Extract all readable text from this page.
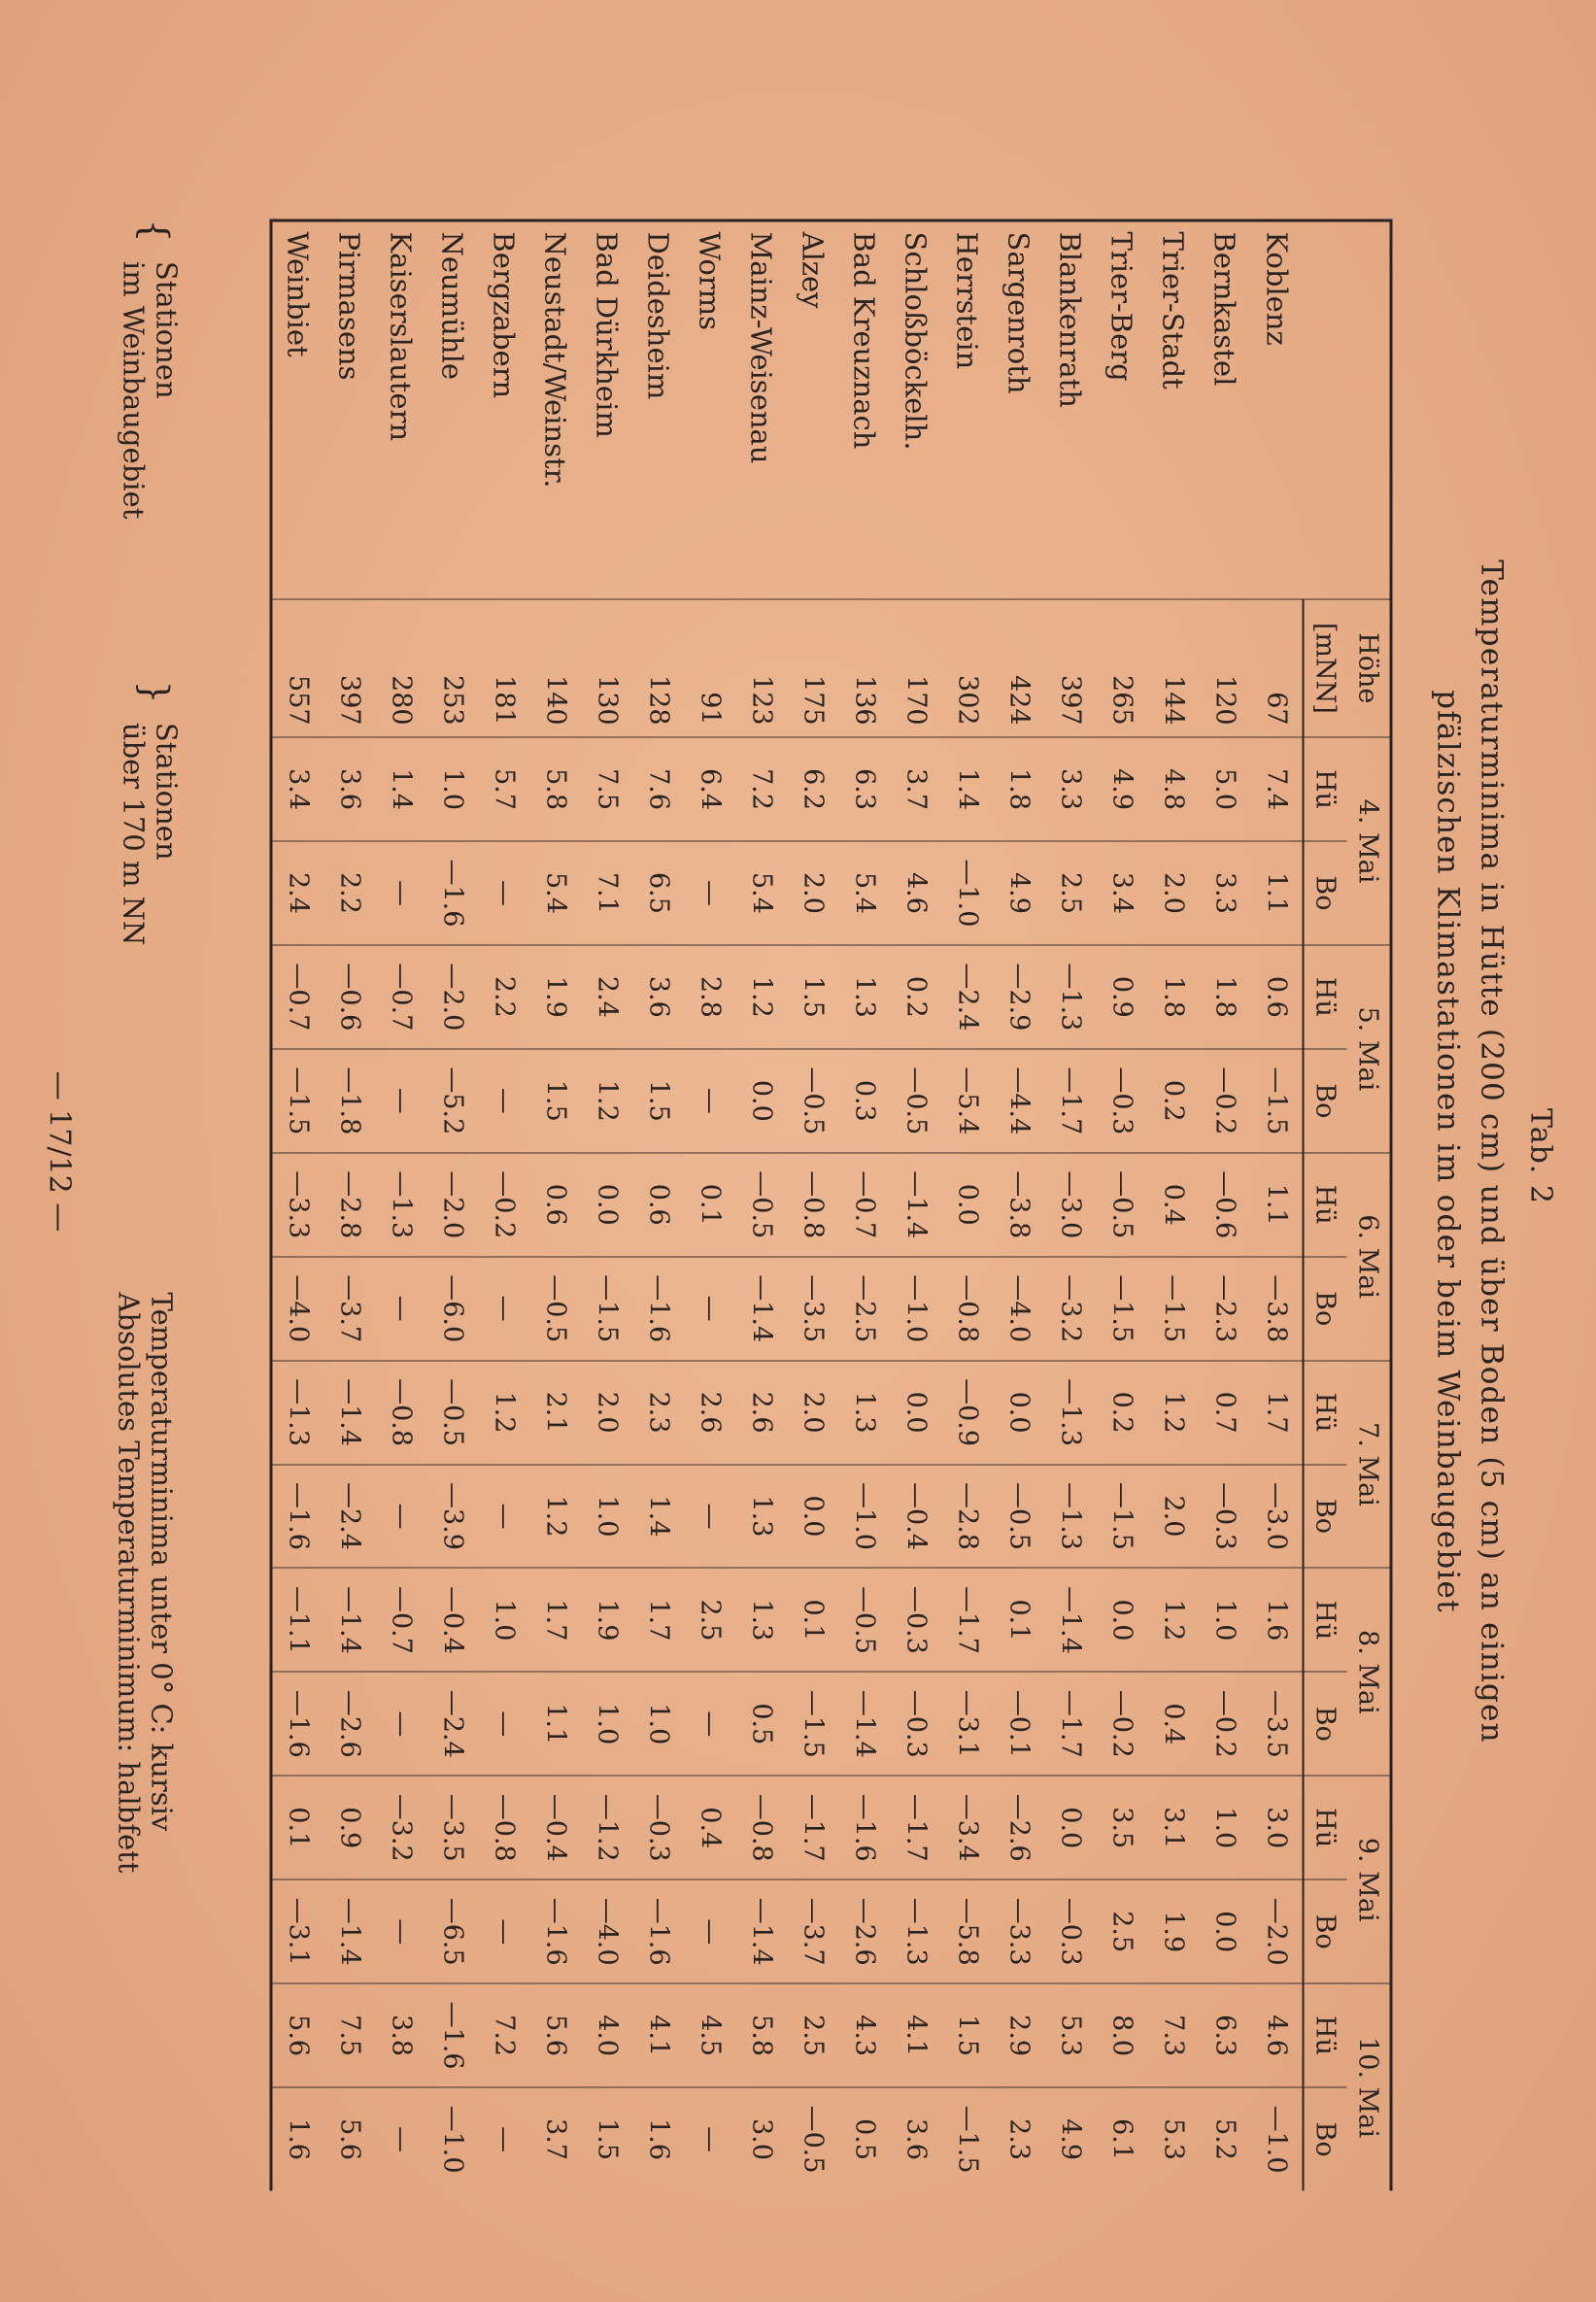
Tab. 2
Temperaturminima in Hütte (200 cm) und über Boden (5 cm) an einigen
pfälzischen Klimastationen im oder beim Weinbaugebiet
	Höhe	4. Mai		5. Mai		6. Mai		7. Mai		8. Mai		9. Mai		10. Mai	
	[mNN]	Hü	Bo	Hü	Bo	Hü	Bo	Hü	Bo	Hü	Bo	Hü	Bo	Hü	Bo
Koblenz	67	7.4	1.1	0.6	—1.5	1.1	—3.8	1.7	—3.0	1.6	—3.5	3.0	—2.0	4.6	—1.0
Bernkastel	120	5.0	3.3	1.8	—0.2	—0.6	—2.3	0.7	—0.3	1.0	—0.2	1.0	0.0	6.3	5.2
Trier-Stadt	144	4.8	2.0	1.8	0.2	0.4	—1.5	1.2	2.0	1.2	0.4	3.1	1.9	7.3	5.3
Trier-Berg	265	4.9	3.4	0.9	—0.3	—0.5	—1.5	0.2	—1.5	0.0	—0.2	3.5	2.5	8.0	6.1
Blankenrath	397	3.3	2.5	—1.3	—1.7	—3.0	—3.2	—1.3	—1.3	—1.4	—1.7	0.0	—0.3	5.3	4.9
Sargenroth	424	1.8	4.9	—2.9	—4.4	—3.8	—4.0	0.0	—0.5	0.1	—0.1	—2.6	—3.3	2.9	2.3
Herrstein	302	1.4	—1.0	—2.4	—5.4	0.0	—0.8	—0.9	—2.8	—1.7	—3.1	—3.4	—5.8	1.5	—1.5
Schloßböckelh.	170	3.7	4.6	0.2	—0.5	—1.4	—1.0	0.0	—0.4	—0.3	—0.3	—1.7	—1.3	4.1	3.6
Bad Kreuznach	136	6.3	5.4	1.3	0.3	—0.7	—2.5	1.3	—1.0	—0.5	—1.4	—1.6	—2.6	4.3	0.5
Alzey	175	6.2	2.0	1.5	—0.5	—0.8	—3.5	2.0	0.0	0.1	—1.5	—1.7	—3.7	2.5	—0.5
Mainz-Weisenau	123	7.2	5.4	1.2	0.0	—0.5	—1.4	2.6	1.3	1.3	0.5	—0.8	—1.4	5.8	3.0
Worms	91	6.4	—	2.8	—	0.1	—	2.6	—	2.5	—	0.4	—	4.5	—
Deidesheim	128	7.6	6.5	3.6	1.5	0.6	—1.6	2.3	1.4	1.7	1.0	—0.3	—1.6	4.1	1.6
Bad Dürkheim	130	7.5	7.1	2.4	1.2	0.0	—1.5	2.0	1.0	1.9	1.0	—1.2	—4.0	4.0	1.5
Neustadt/Weinstr.	140	5.8	5.4	1.9	1.5	0.6	—0.5	2.1	1.2	1.7	1.1	—0.4	—1.6	5.6	3.7
Bergzabern	181	5.7	—	2.2	—	—0.2	—	1.2	—	1.0	—	—0.8	—	7.2	—
Neumühle	253	1.0	—1.6	—2.0	—5.2	—2.0	—6.0	—0.5	—3.9	—0.4	—2.4	—3.5	—6.5	—1.6	—1.0
Kaiserslautern	280	1.4	—	—0.7	—	—1.3	—	—0.8	—	—0.7	—	—3.2	—	3.8	—
Pirmasens	397	3.6	2.2	—0.6	—1.8	—2.8	—3.7	—1.4	—2.4	—1.4	—2.6	0.9	—1.4	7.5	5.6
Weinbiet	557	3.4	2.4	—0.7	—1.5	—3.3	—4.0	—1.3	—1.6	—1.1	—1.6	0.1	—3.1	5.6	1.6
{
Stationen
im Weinbaugebiet
}
Stationen
über 170 m NN
Temperaturminima unter 0° C: kursiv
Absolutes Temperaturminimum: halbfett
— 17/12 —
